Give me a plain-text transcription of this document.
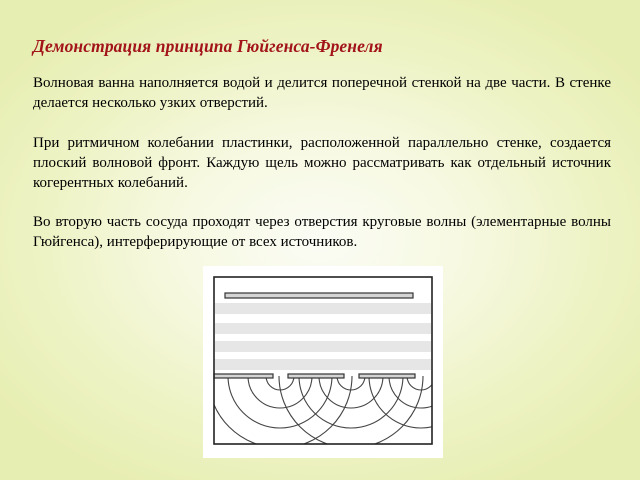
Демонстрация принципа Гюйгенса-Френеля

Волновая ванна наполняется водой и делится поперечной стенкой на две части. В стенке делается несколько узких отверстий.

При ритмичном колебании пластинки, расположенной параллельно стенке, создается плоский волновой фронт. Каждую щель можно рассматривать как отдельный источник когерентных колебаний.

Во вторую часть сосуда проходят через отверстия круговые волны (элементарные волны Гюйгенса), интерферирующие от всех источников.
